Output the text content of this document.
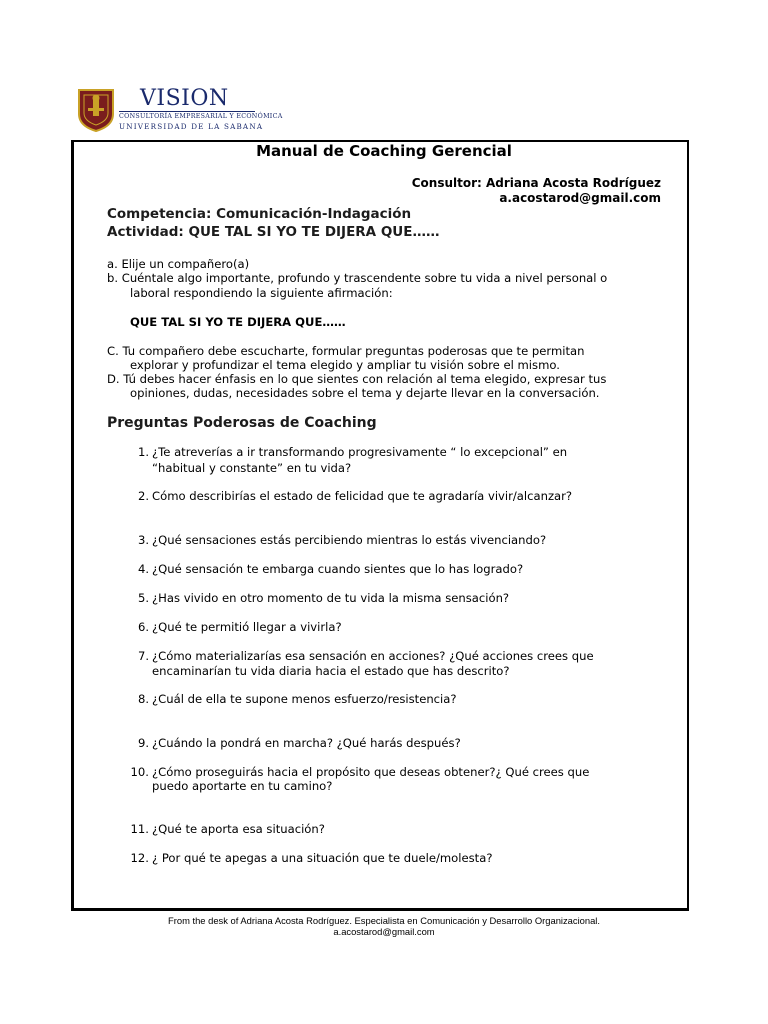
VISION
CONSULTORÍA EMPRESARIAL Y ECONÓMICA
UNIVERSIDAD DE LA SABANA
Manual de Coaching Gerencial
Consultor: Adriana Acosta Rodríguez
a.acostarod@gmail.com
Competencia: Comunicación-Indagación
Actividad: QUE TAL SI YO TE DIJERA QUE……
a. Elije un compañero(a)
b. Cuéntale algo importante, profundo y trascendente sobre tu vida a nivel personal o
laboral respondiendo la siguiente afirmación:
QUE TAL SI YO TE DIJERA QUE……
C. Tu compañero debe escucharte, formular preguntas poderosas que te permitan
explorar y profundizar el tema elegido y ampliar tu visión sobre el mismo.
D. Tú debes hacer énfasis en lo que sientes con relación al tema elegido, expresar tus
opiniones, dudas, necesidades sobre el tema y dejarte llevar en la conversación.
Preguntas Poderosas de Coaching
1. ¿Te atreverías a ir transformando progresivamente “ lo excepcional” en
“habitual y constante” en tu vida?
2. Cómo describirías el estado de felicidad que te agradaría vivir/alcanzar?
3. ¿Qué sensaciones estás percibiendo mientras lo estás vivenciando?
4. ¿Qué sensación te embarga cuando sientes que lo has logrado?
5. ¿Has vivido en otro momento de tu vida la misma sensación?
6. ¿Qué te permitió llegar a vivirla?
7. ¿Cómo materializarías esa sensación en acciones? ¿Qué acciones crees que
encaminarían tu vida diaria hacia el estado que has descrito?
8. ¿Cuál de ella te supone menos esfuerzo/resistencia?
9. ¿Cuándo la pondrá en marcha? ¿Qué harás después?
10. ¿Cómo proseguirás hacia el propósito que deseas obtener?¿ Qué crees que
puedo aportarte en tu camino?
11. ¿Qué te aporta esa situación?
12. ¿ Por qué te apegas a una situación que te duele/molesta?
From the desk of Adriana Acosta Rodríguez. Especialista en Comunicación y Desarrollo Organizacional.
a.acostarod@gmail.com
